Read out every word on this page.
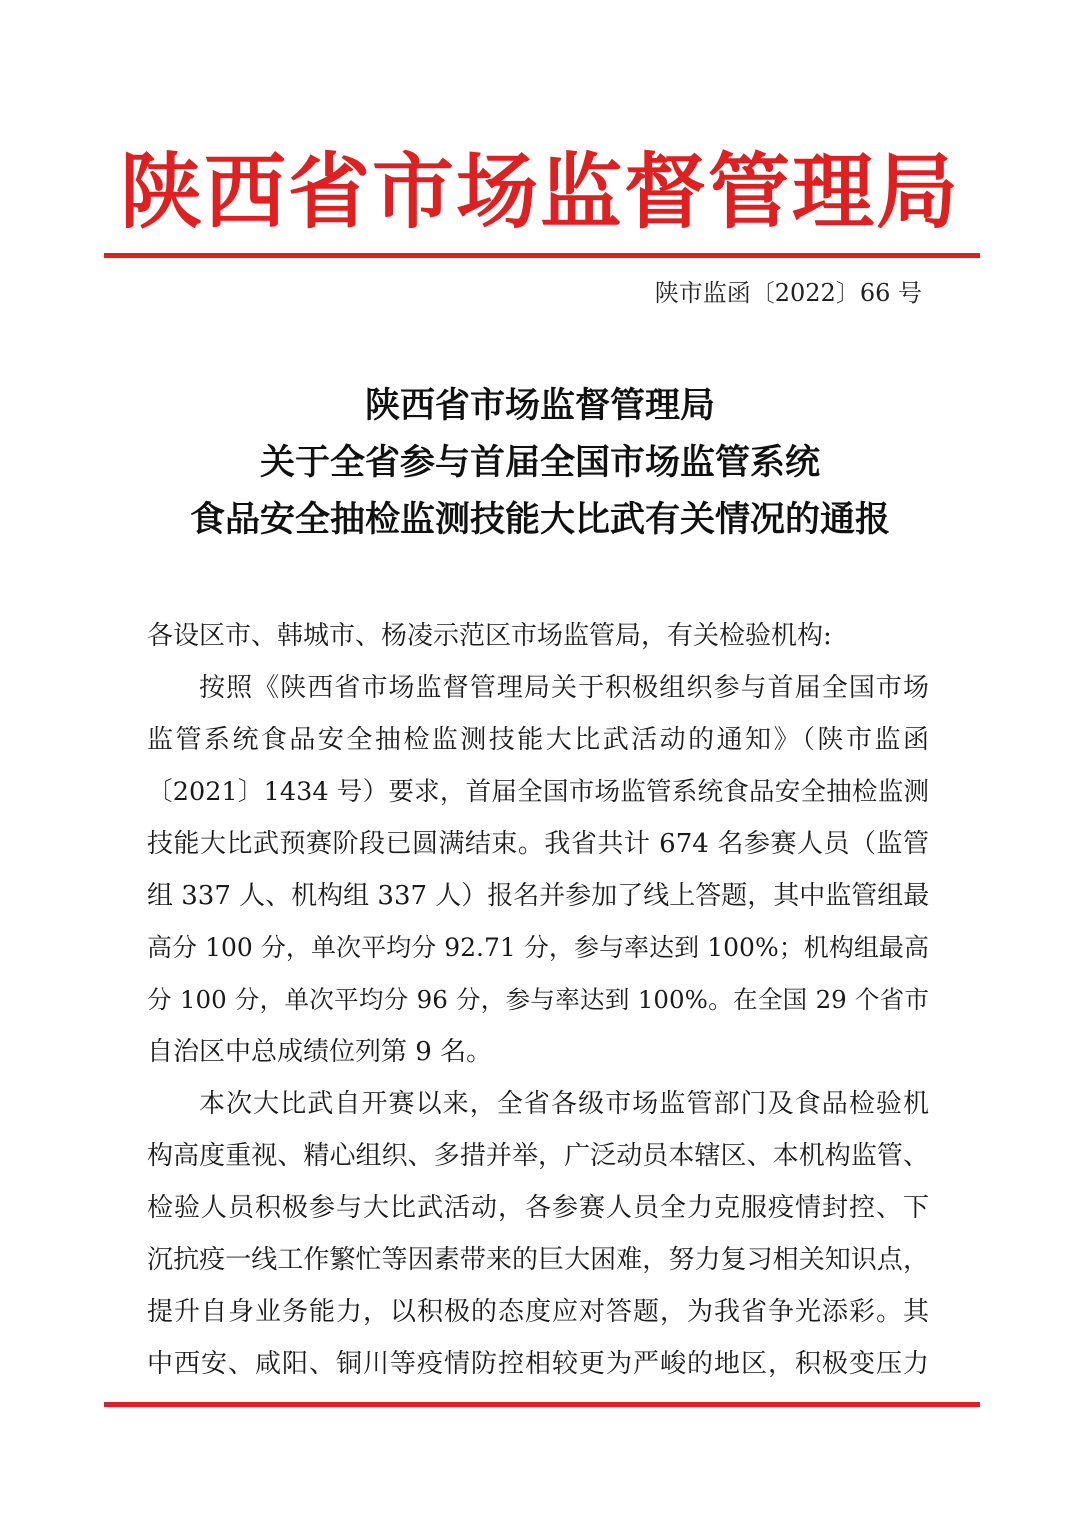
陕西省市场监督管理局
陕市监函〔2022〕66 号
陕西省市场监督管理局
关于全省参与首届全国市场监管系统
食品安全抽检监测技能大比武有关情况的通报
各设区市、韩城市、杨凌示范区市场监管局，有关检验机构:
按照《陕西省市场监督管理局关于积极组织参与首届全国市场
监管系统食品安全抽检监测技能大比武活动的通知》（陕市监函
〔2021〕1434 号）要求，首届全国市场监管系统食品安全抽检监测
技能大比武预赛阶段已圆满结束。我省共计 674 名参赛人员（监管
组 337 人、机构组 337 人）报名并参加了线上答题，其中监管组最
高分 100 分，单次平均分 92.71 分，参与率达到 100%；机构组最高
分 100 分，单次平均分 96 分，参与率达到 100%。在全国 29 个省市
自治区中总成绩位列第 9 名。
本次大比武自开赛以来，全省各级市场监管部门及食品检验机
构高度重视、精心组织、多措并举，广泛动员本辖区、本机构监管、
检验人员积极参与大比武活动，各参赛人员全力克服疫情封控、下
沉抗疫一线工作繁忙等因素带来的巨大困难，努力复习相关知识点，
提升自身业务能力，以积极的态度应对答题，为我省争光添彩。其
中西安、咸阳、铜川等疫情防控相较更为严峻的地区，积极变压力
